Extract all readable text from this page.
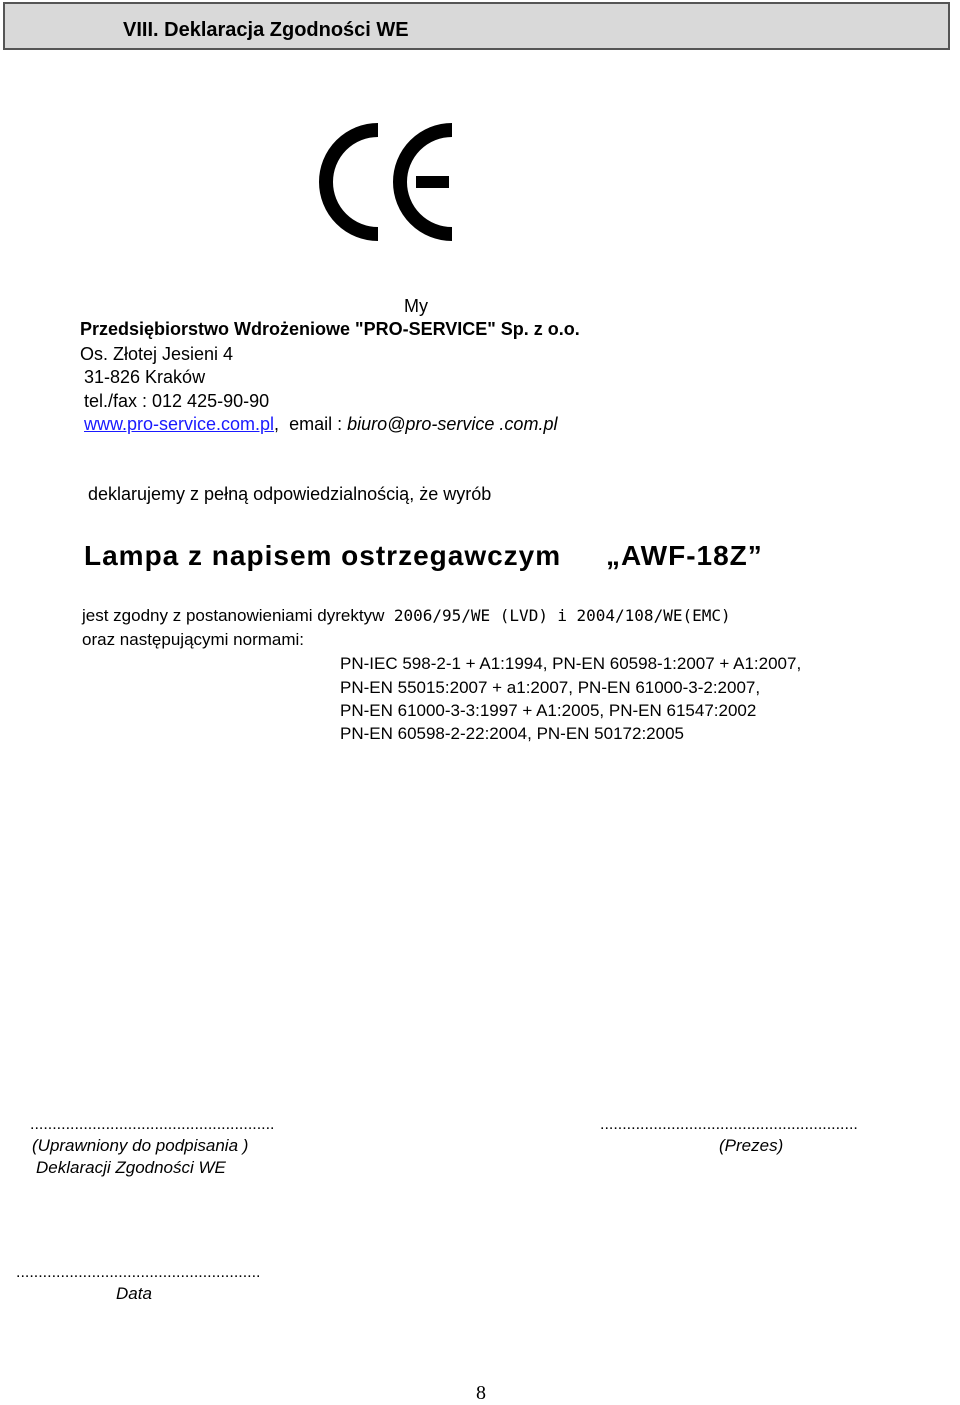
VIII. Deklaracja Zgodności WE
My
Przedsiębiorstwo Wdrożeniowe "PRO-SERVICE" Sp. z o.o.
Os. Złotej Jesieni 4
31-826 Kraków
tel./fax : 012 425-90-90
www.pro-service.com.pl, email : biuro@pro-service .com.pl
deklarujemy z pełną odpowiedzialnością, że wyrób
Lampa z napisem ostrzegawczym „AWF-18Z”
jest zgodny z postanowieniami dyrektyw 2006/95/WE (LVD) i 2004/108/WE(EMC)
oraz następującymi normami:
PN-IEC 598-2-1 + A1:1994, PN-EN 60598-1:2007 + A1:2007,
PN-EN 55015:2007 + a1:2007, PN-EN 61000-3-2:2007,
PN-EN 61000-3-3:1997 + A1:2005, PN-EN 61547:2002
PN-EN 60598-2-22:2004, PN-EN 50172:2005
.......................................................
(Uprawniony do podpisania )
Deklaracji Zgodności WE
..........................................................
(Prezes)
.......................................................
Data
8
